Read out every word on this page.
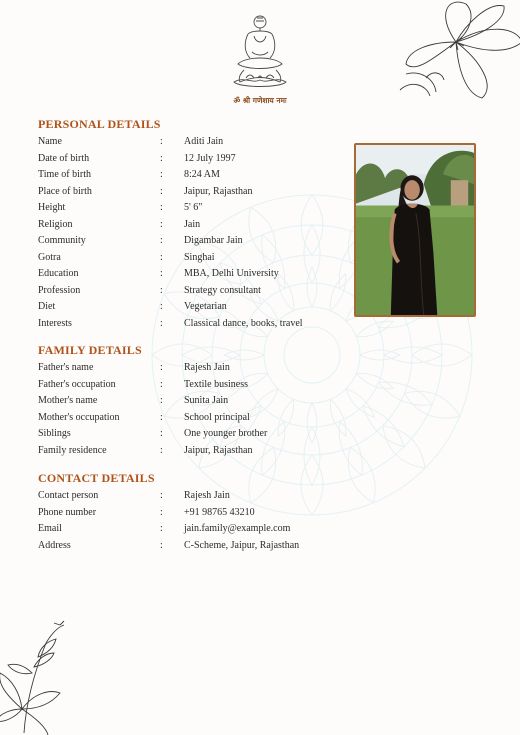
ॐ श्री गणेशाय नमः
PERSONAL DETAILS
Name	: Aditi Jain
Date of birth	: 12 July 1997
Time of birth	: 8:24 AM
Place of birth	: Jaipur, Rajasthan
Height	: 5' 6"
Religion	: Jain
Community	: Digambar Jain
Gotra	: Singhai
Education	: MBA, Delhi University
Profession	: Strategy consultant
Diet	: Vegetarian
Interests	: Classical dance, books, travel
FAMILY DETAILS
Father's name	: Rajesh Jain
Father's occupation	: Textile business
Mother's name	: Sunita Jain
Mother's occupation	: School principal
Siblings	: One younger brother
Family residence	: Jaipur, Rajasthan
CONTACT DETAILS
Contact person	: Rajesh Jain
Phone number	: +91 98765 43210
Email	: jain.family@example.com
Address	: C-Scheme, Jaipur, Rajasthan
